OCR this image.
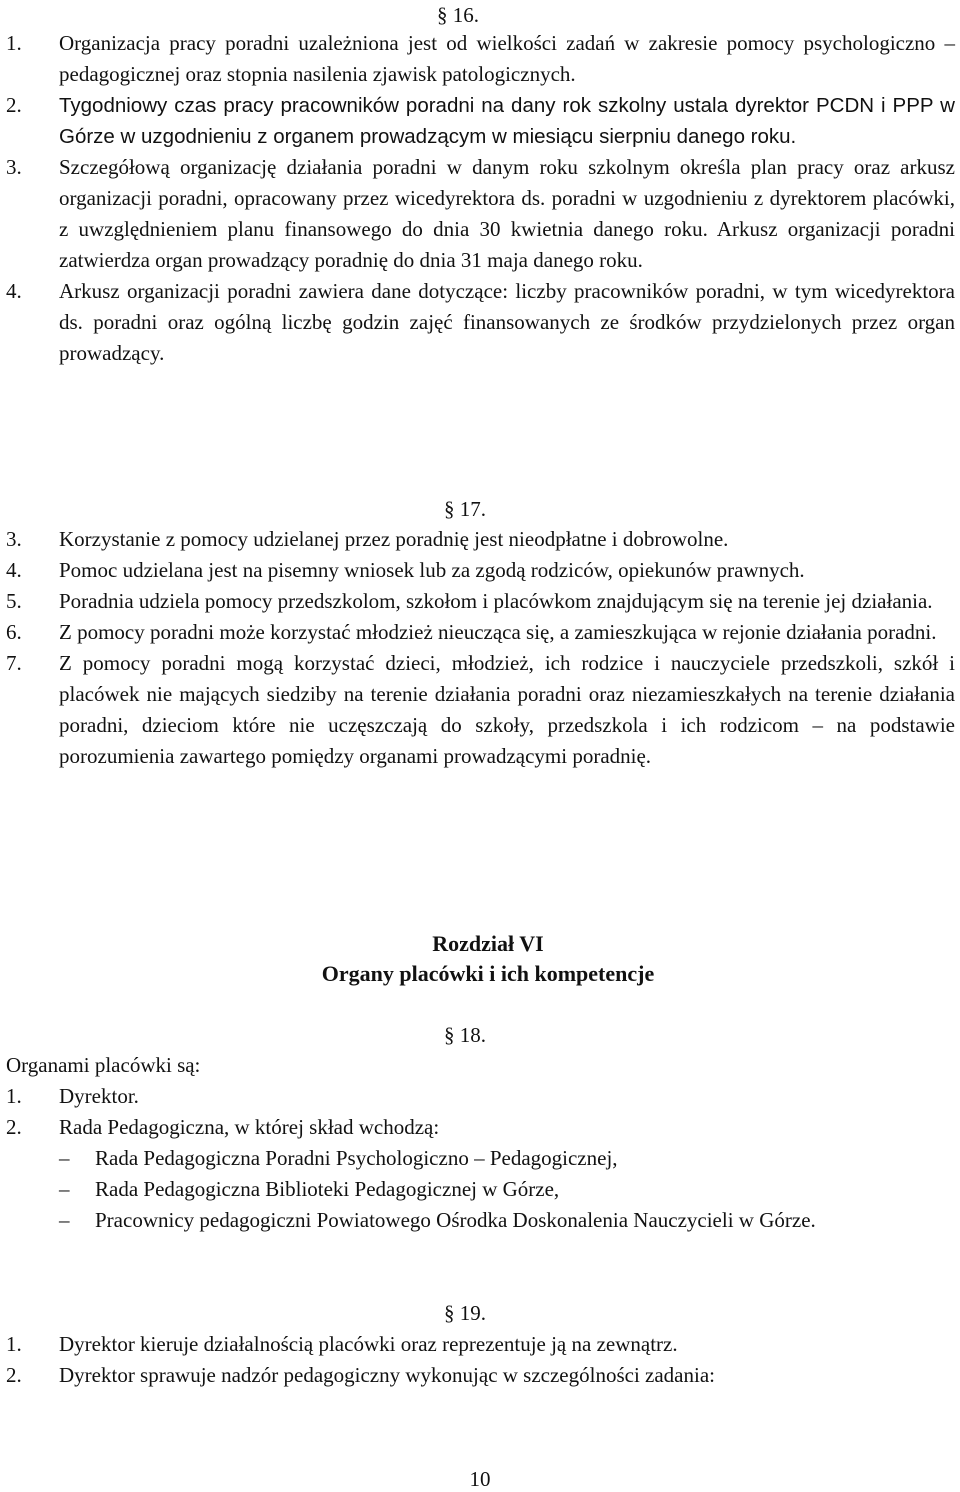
§ 16.
1. Organizacja pracy poradni uzależniona jest od wielkości zadań w zakresie pomocy psychologiczno – pedagogicznej oraz stopnia nasilenia zjawisk patologicznych.
2. Tygodniowy czas pracy pracowników poradni na dany rok szkolny ustala dyrektor PCDN i PPP w Górze w uzgodnieniu z organem prowadzącym w miesiącu sierpniu danego roku.
3. Szczegółową organizację działania poradni w danym roku szkolnym określa plan pracy oraz arkusz organizacji poradni, opracowany przez wicedyrektora ds. poradni w uzgodnieniu z dyrektorem placówki, z uwzględnieniem planu finansowego do dnia 30 kwietnia danego roku. Arkusz organizacji poradni zatwierdza organ prowadzący poradnię do dnia 31 maja danego roku.
4. Arkusz organizacji poradni zawiera dane dotyczące: liczby pracowników poradni, w tym wicedyrektora ds. poradni oraz ogólną liczbę godzin zajęć finansowanych ze środków przydzielonych przez organ prowadzący.
§ 17.
3. Korzystanie z pomocy udzielanej przez poradnię jest nieodpłatne i dobrowolne.
4. Pomoc udzielana jest na pisemny wniosek lub za zgodą rodziców, opiekunów prawnych.
5. Poradnia udziela pomocy przedszkolom, szkołom i placówkom znajdującym się na terenie jej działania.
6. Z pomocy poradni może korzystać młodzież nieucząca się, a zamieszkująca w rejonie działania poradni.
7. Z pomocy poradni mogą korzystać dzieci, młodzież, ich rodzice i nauczyciele przedszkoli, szkół i placówek nie mających siedziby na terenie działania poradni oraz niezamieszkałych na terenie działania poradni, dzieciom które nie uczęszczają do szkoły, przedszkola i ich rodzicom – na podstawie porozumienia zawartego pomiędzy organami prowadzącymi poradnię.
Rozdział VI
Organy placówki i ich kompetencje
§ 18.
Organami placówki są:
1. Dyrektor.
2. Rada Pedagogiczna, w której skład wchodzą:
– Rada Pedagogiczna Poradni Psychologiczno – Pedagogicznej,
– Rada Pedagogiczna Biblioteki Pedagogicznej w Górze,
– Pracownicy pedagogiczni Powiatowego Ośrodka Doskonalenia Nauczycieli w Górze.
§ 19.
1. Dyrektor kieruje działalnością placówki oraz reprezentuje ją na zewnątrz.
2. Dyrektor sprawuje nadzór pedagogiczny wykonując w szczególności zadania:
10
